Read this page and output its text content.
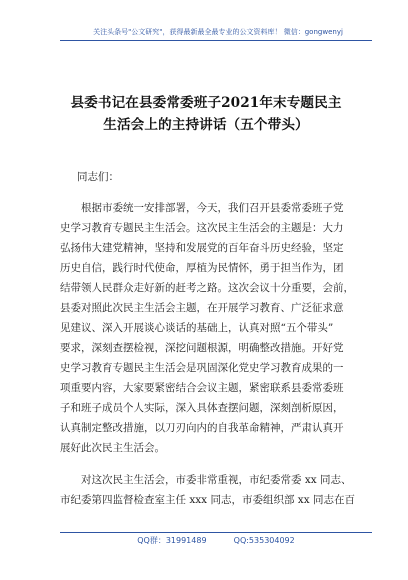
关注头条号"公文研究"，获得最新最全最专业的公文资料库！ 微信：gongwenyj
县委书记在县委常委班子2021年末专题民主
生活会上的主持讲话（五个带头）
同志们：
　　根据市委统一安排部署，今天，我们召开县委常委班子党
史学习教育专题民主生活会。这次民主生活会的主题是：大力
弘扬伟大建党精神，坚持和发展党的百年奋斗历史经验，坚定
历史自信，践行时代使命，厚植为民情怀，勇于担当作为，团
结带领人民群众走好新的赶考之路。这次会议十分重要，会前，
县委对照此次民主生活会主题，在开展学习教育、广泛征求意
见建议、深入开展谈心谈话的基础上，认真对照“五个带头”
要求，深刻查摆检视，深挖问题根源，明确整改措施。开好党
史学习教育专题民主生活会是巩固深化党史学习教育成果的一
项重要内容，大家要紧密结合会议主题，紧密联系县委常委班
子和班子成员个人实际，深入具体查摆问题，深刻剖析原因，
认真制定整改措施，以刀刃向内的自我革命精神，严肃认真开
展好此次民主生活会。
　　对这次民主生活会，市委非常重视，市纪委常委 xx 同志、
市纪委第四监督检查室主任 xxx 同志，市委组织部 xx 同志在百
QQ群：31991489	QQ:535304092
